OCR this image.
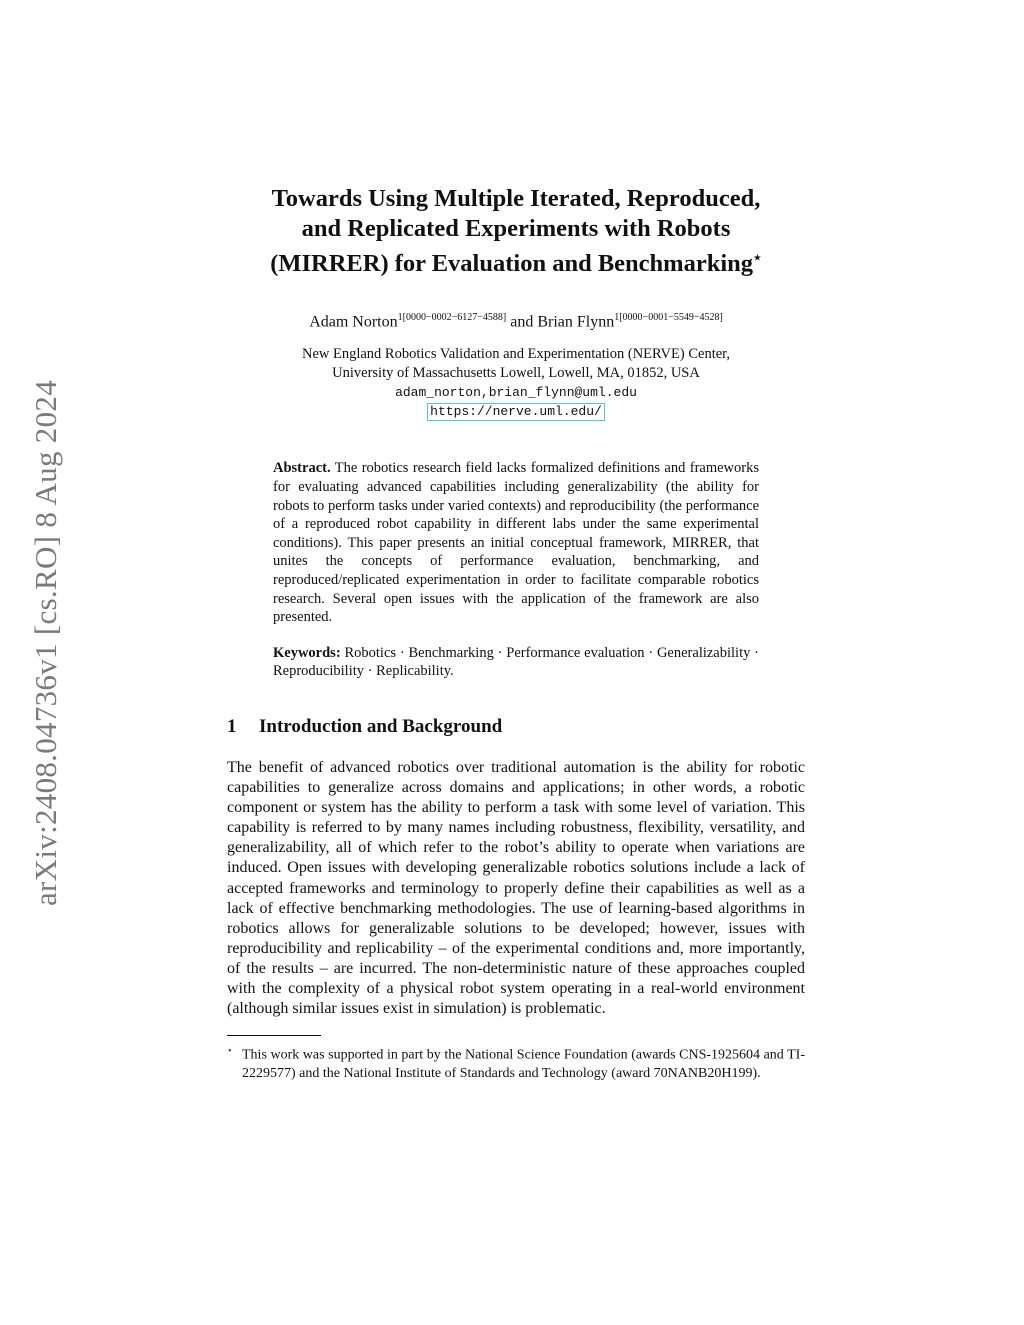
arXiv:2408.04736v1 [cs.RO] 8 Aug 2024
Towards Using Multiple Iterated, Reproduced,
and Replicated Experiments with Robots
(MIRRER) for Evaluation and Benchmarking⋆
Adam Norton$^{1[0000-0002-6127-4588]}$ and Brian Flynn$^{1[0000-0001-5549-4528]}$
New England Robotics Validation and Experimentation (NERVE) Center,
University of Massachusetts Lowell, Lowell, MA, 01852, USA
adam_norton,brian_flynn@uml.edu
https://nerve.uml.edu/
Abstract. The robotics research field lacks formalized definitions and frameworks for evaluating advanced capabilities including generalizability (the ability for robots to perform tasks under varied contexts) and reproducibility (the performance of a reproduced robot capability in different labs under the same experimental conditions). This paper presents an initial conceptual framework, MIRRER, that unites the concepts of performance evaluation, benchmarking, and reproduced/replicated experimentation in order to facilitate comparable robotics research. Several open issues with the application of the framework are also presented.
Keywords: Robotics · Benchmarking · Performance evaluation · Generalizability · Reproducibility · Replicability.
1 Introduction and Background

The benefit of advanced robotics over traditional automation is the ability for robotic capabilities to generalize across domains and applications; in other words, a robotic component or system has the ability to perform a task with some level of variation. This capability is referred to by many names including robustness, flexibility, versatility, and generalizability, all of which refer to the robot’s ability to operate when variations are induced. Open issues with developing generalizable robotics solutions include a lack of accepted frameworks and terminology to properly define their capabilities as well as a lack of effective benchmarking methodologies. The use of learning-based algorithms in robotics allows for generalizable solutions to be developed; however, issues with reproducibility and replicability – of the experimental conditions and, more importantly, of the results – are incurred. The non-deterministic nature of these approaches coupled with the complexity of a physical robot system operating in a real-world environment (although similar issues exist in simulation) is problematic.

⋆ This work was supported in part by the National Science Foundation (awards CNS-1925604 and TI-2229577) and the National Institute of Standards and Technology (award 70NANB20H199).
